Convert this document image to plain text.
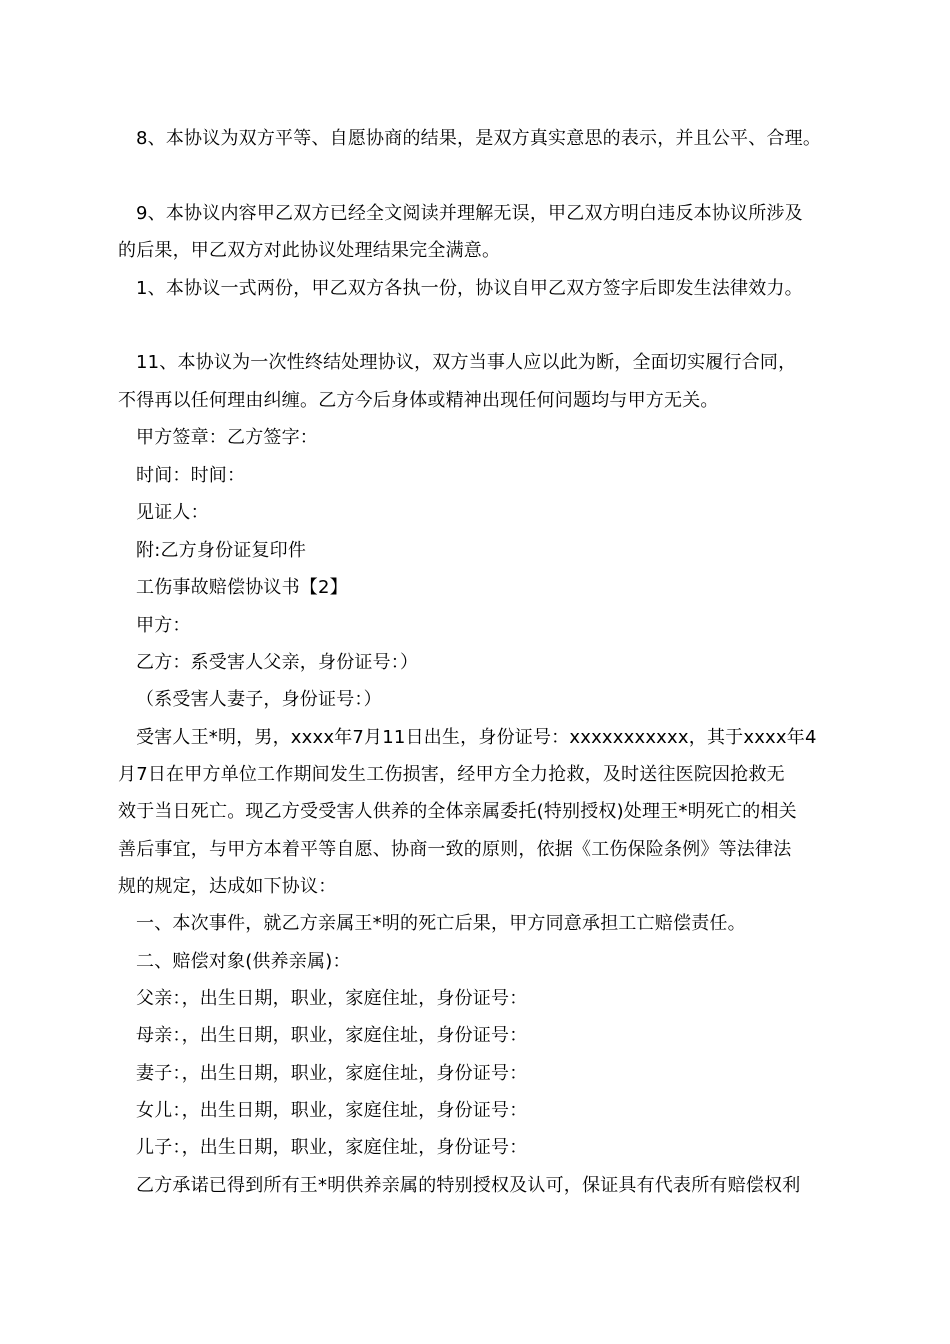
8、本协议为双方平等、自愿协商的结果，是双方真实意思的表示，并且公平、合理。
9、本协议内容甲乙双方已经全文阅读并理解无误，甲乙双方明白违反本协议所涉及
的后果，甲乙双方对此协议处理结果完全满意。
1、本协议一式两份，甲乙双方各执一份，协议自甲乙双方签字后即发生法律效力。
11、本协议为一次性终结处理协议，双方当事人应以此为断，全面切实履行合同，
不得再以任何理由纠缠。乙方今后身体或精神出现任何问题均与甲方无关。
甲方签章：乙方签字：
时间：时间：
见证人：
附:乙方身份证复印件
工伤事故赔偿协议书【2】
甲方：
乙方：系受害人父亲，身份证号：）
（系受害人妻子，身份证号：）
受害人王*明，男，xxxx年7月11日出生，身份证号：xxxxxxxxxxx，其于xxxx年4
月7日在甲方单位工作期间发生工伤损害，经甲方全力抢救，及时送往医院因抢救无
效于当日死亡。现乙方受受害人供养的全体亲属委托(特别授权)处理王*明死亡的相关
善后事宜，与甲方本着平等自愿、协商一致的原则，依据《工伤保险条例》等法律法
规的规定，达成如下协议：
一、本次事件，就乙方亲属王*明的死亡后果，甲方同意承担工亡赔偿责任。
二、赔偿对象(供养亲属)：
父亲：，出生日期，职业，家庭住址，身份证号：
母亲：，出生日期，职业，家庭住址，身份证号：
妻子：，出生日期，职业，家庭住址，身份证号：
女儿：，出生日期，职业，家庭住址，身份证号：
儿子：，出生日期，职业，家庭住址，身份证号：
乙方承诺已得到所有王*明供养亲属的特别授权及认可，保证具有代表所有赔偿权利
